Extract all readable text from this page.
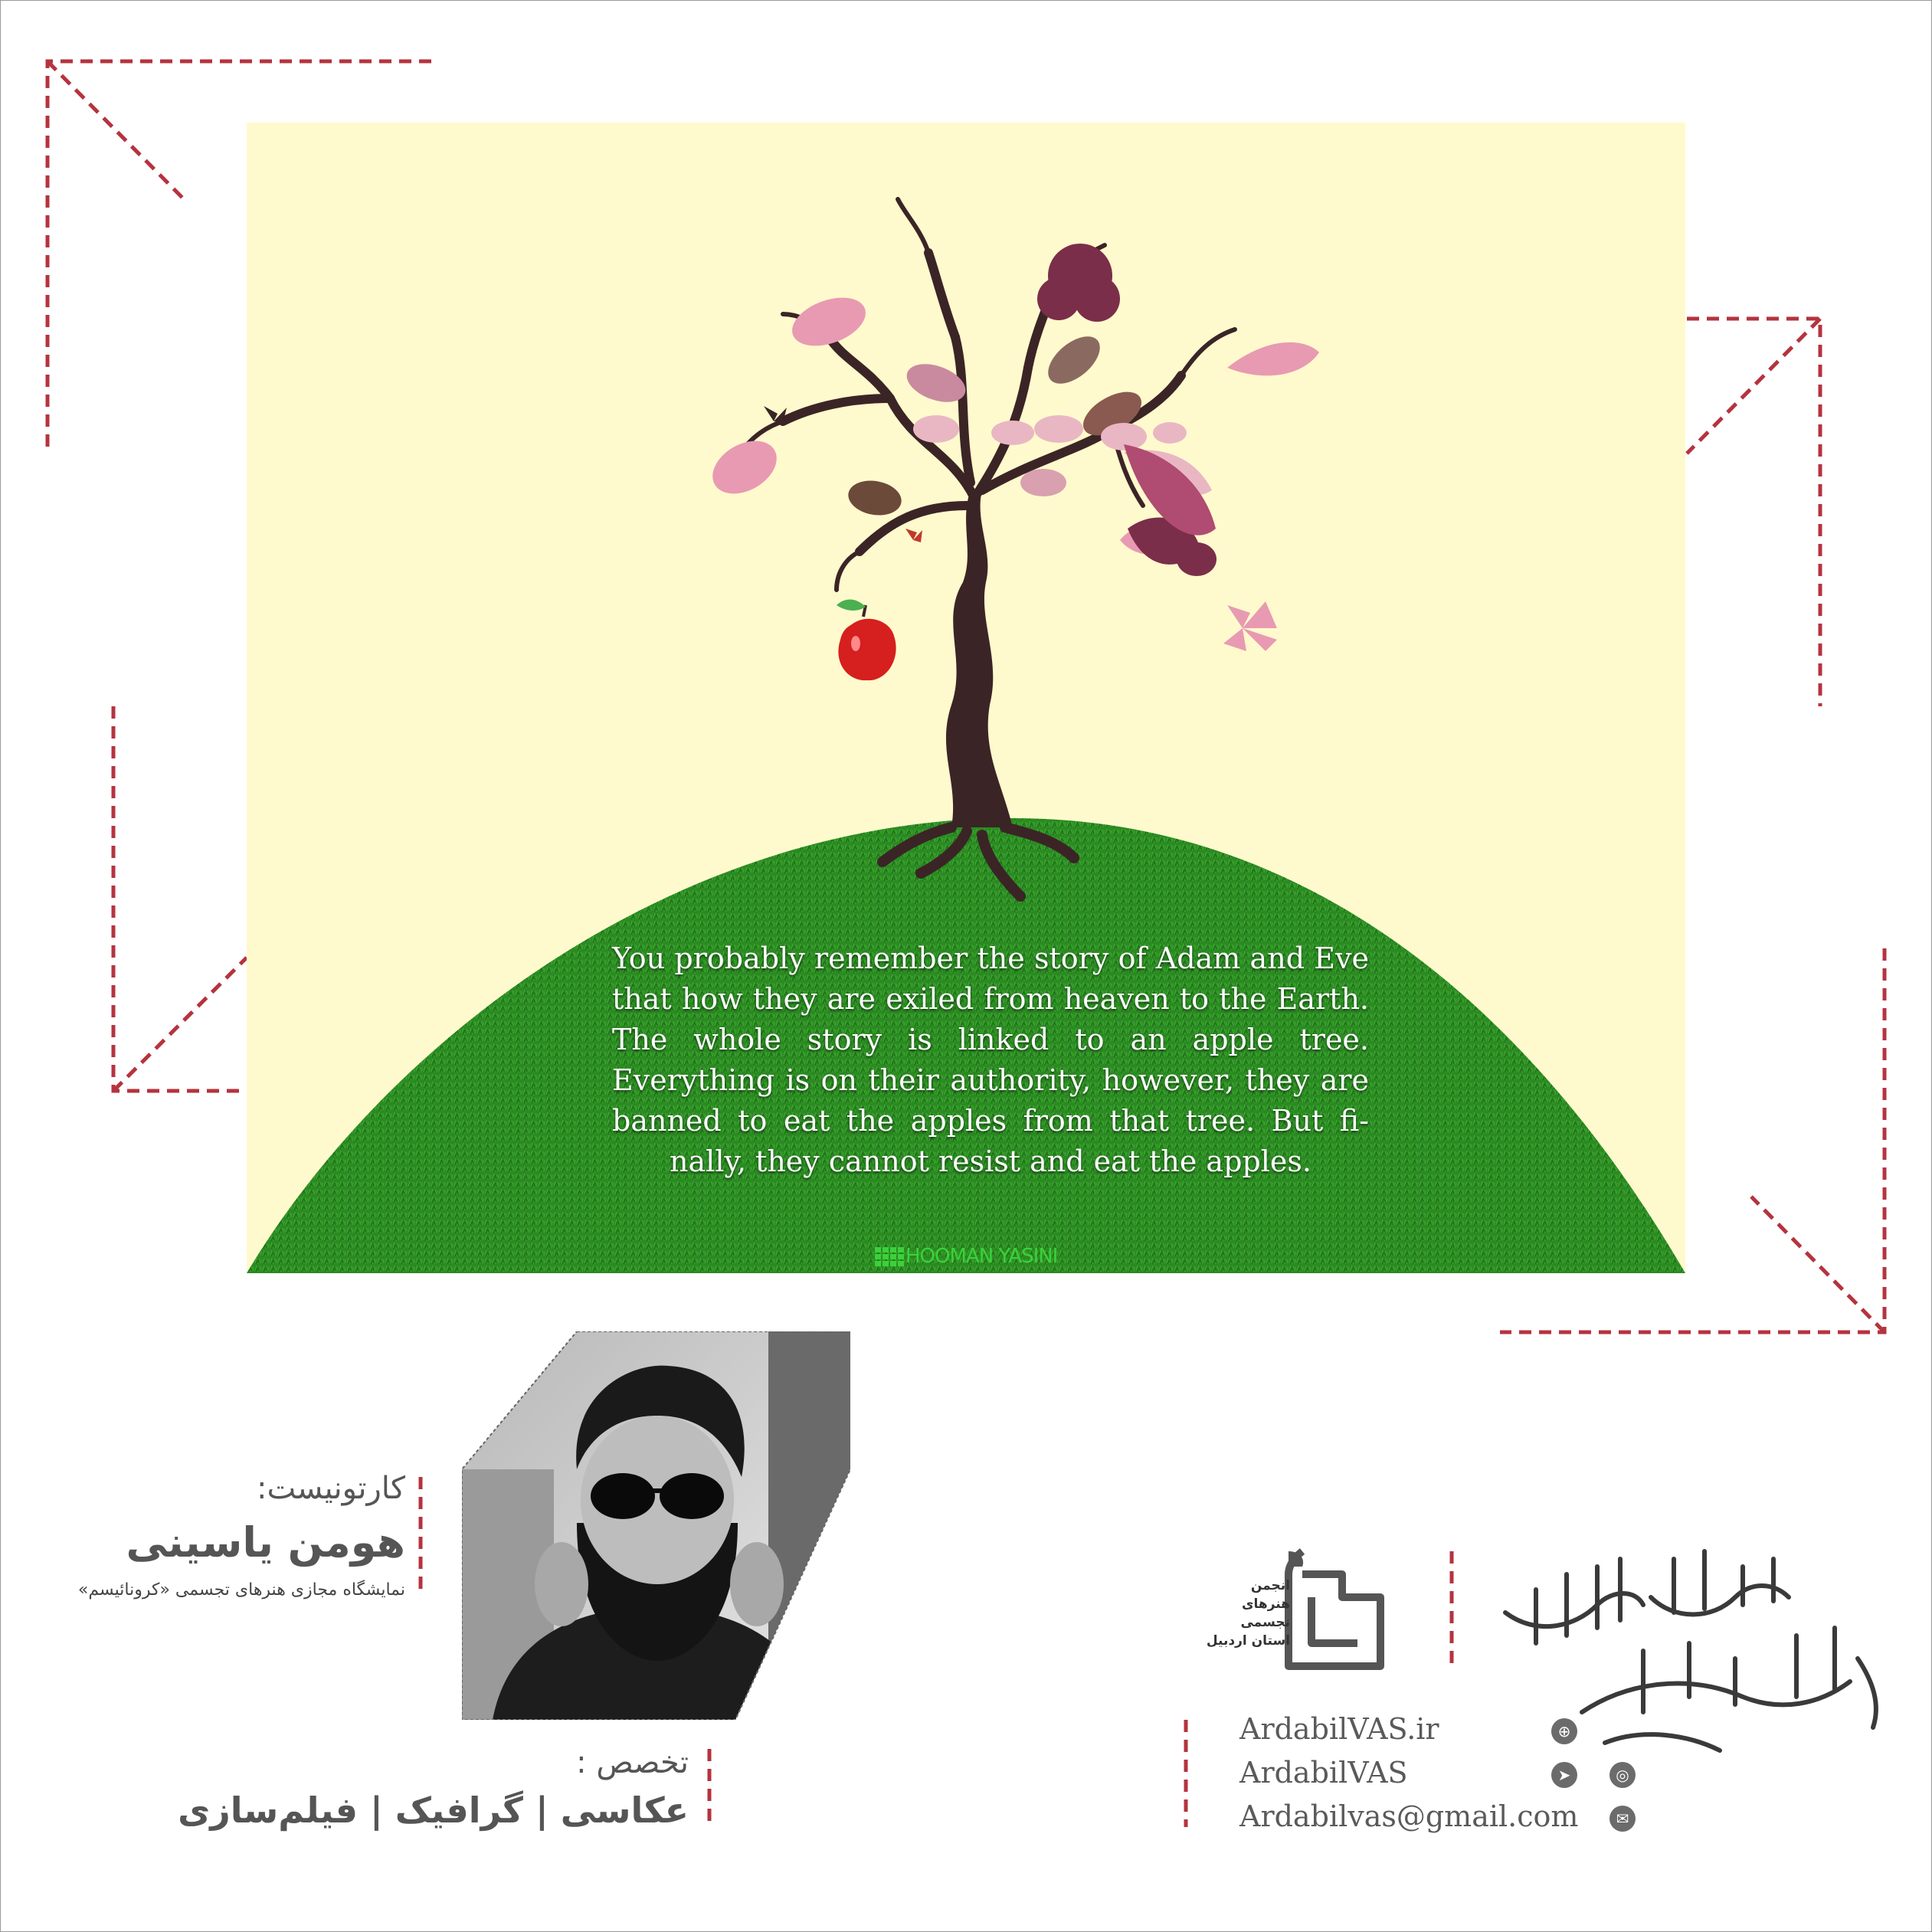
You probably remember the story of Adam and Eve that how they are exiled from heaven to the Earth. The whole story is linked to an apple tree. Everything is on their authority, however, they are banned to eat the apples from that tree. But fi-nally, they cannot resist and eat the apples.
HOOMAN YASINI
کارتونیست:
هومن یاسینی
نمایشگاه مجازی هنرهای تجسمی «کرونائیسم»
تخصص :
عکاسی | گرافیک | فیلم‌سازی
انجمن
هنرهای
تجسمی
استان اردبیل
ArdabilVAS.ir
ArdabilVAS
Ardabilvas@gmail.com
⊕
➤	◎
✉
